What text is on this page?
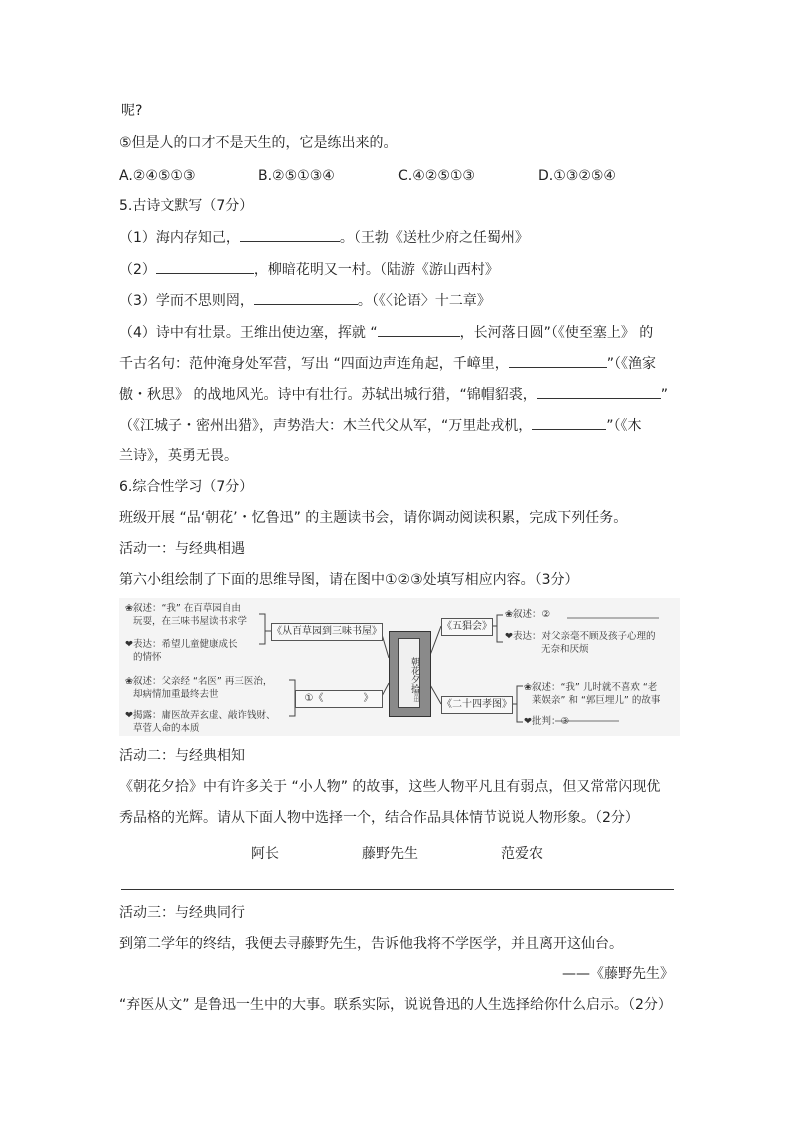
呢?
⑤但是人的口才不是天生的，它是练出来的。
A.②④⑤①③	B.②⑤①③④	C.④②⑤①③	D.①③②⑤④
5.古诗文默写（7分）
（1）海内存知己，	。（王勃《送杜少府之任蜀州》
（2）	，柳暗花明又一村。（陆游《游山西村》
（3）学而不思则罔，	。（《〈论语〉十二章》
（4）诗中有壮景。王维出使边塞，挥就 “	，长河落日圆”（《使至塞上》 的
千古名句：范仲淹身处军营，写出 “四面边声连角起，千嶂里，	”（《渔家
傲・秋思》 的战地风光。诗中有壮行。苏轼出城行猎，“锦帽貂裘，	”
（《江城子・密州出猎》，声势浩大：木兰代父从军，“万里赴戎机，	”（《木
兰诗》，英勇无畏。
6.综合性学习（7分）
班级开展 “品‘朝花’・忆鲁迅” 的主题读书会，请你调动阅读积累，完成下列任务。
活动一：与经典相遇
第六小组绘制了下面的思维导图，请在图中①②③处填写相应内容。（3分）
❀叙述：“我” 在百草园自由
玩耍，在三味书屋读书求学
❤表达：希望儿童健康成长
的情怀
《从百草园到三味书屋》
朝花夕拾
鲁迅
《五猖会》
❀叙述：②
❤表达：对父亲毫不顾及孩子心理的
无奈和厌烦
❀叙述：父亲经 “名医” 再三医治，
却病情加重最终去世
❤揭露：庸医故弄玄虚、敲诈钱财、
草菅人命的本质
①《　　　　》
《二十四孝图》
❀叙述：“我” 儿时就不喜欢 “老
莱娱亲” 和 “郭巨埋儿” 的故事
❤批判：③
活动二：与经典相知
《朝花夕拾》中有许多关于 “小人物” 的故事，这些人物平凡且有弱点，但又常常闪现优
秀品格的光辉。请从下面人物中选择一个，结合作品具体情节说说人物形象。（2分）
阿长	藤野先生	范爱农
活动三：与经典同行
到第二学年的终结，我便去寻藤野先生，告诉他我将不学医学，并且离开这仙台。
——《藤野先生》
“弃医从文” 是鲁迅一生中的大事。联系实际，说说鲁迅的人生选择给你什么启示。（2分）
